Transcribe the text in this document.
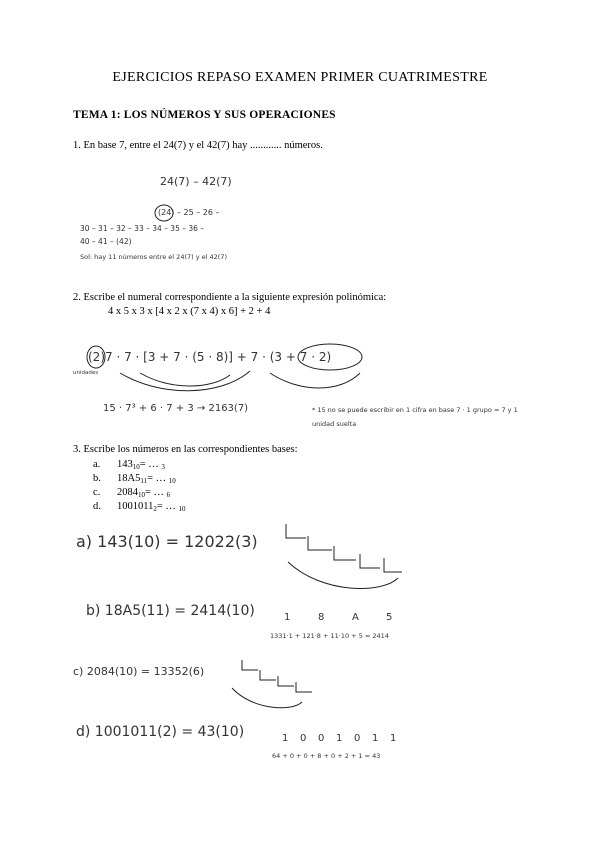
EJERCICIOS REPASO EXAMEN PRIMER CUATRIMESTRE
TEMA 1: LOS NÚMEROS Y SUS OPERACIONES
1. En base 7, entre el 24(7) y el 42(7) hay ............ números.
24(7) – 42(7)
(24) – 25 – 26 –
30 – 31 – 32 – 33 – 34 – 35 – 36 –
40 – 41 – (42)
Sol: hay 11 números entre el 24(7) y el 42(7)
2. Escribe el numeral correspondiente a la siguiente expresión polinómica:
4 x 5 x 3 x [4 x 2 x (7 x 4) x 6] + 2 + 4
(2)7 · 7 · [3 + 7 · (5 · 8)] + 7 · (3 + 7 · 2)
unidades
15 · 7³ + 6 · 7 + 3 → 2163(7)	* 15 no se puede escribir en 1 cifra en base 7 · 1 grupo = 7 y 1 unidad suelta
3. Escribe los números en las correspondientes bases:
a. $143_{10}=$ … $_3$
b. $18A5_{11}=$ … $_{10}$
c. $2084_{10}=$ … $_6$
d. $1001011_2=$ … $_{10}$
a) 143(10) = 12022(3)
b) 18A5(11) = 2414(10)	1	8	A	5
1331·1 + 121·8 + 11·10 + 5 = 2414
c) 2084(10) = 13352(6)
d) 1001011(2) = 43(10)	1 0 0 1 0 1 1
64 + 0 + 0 + 8 + 0 + 2 + 1 = 43
